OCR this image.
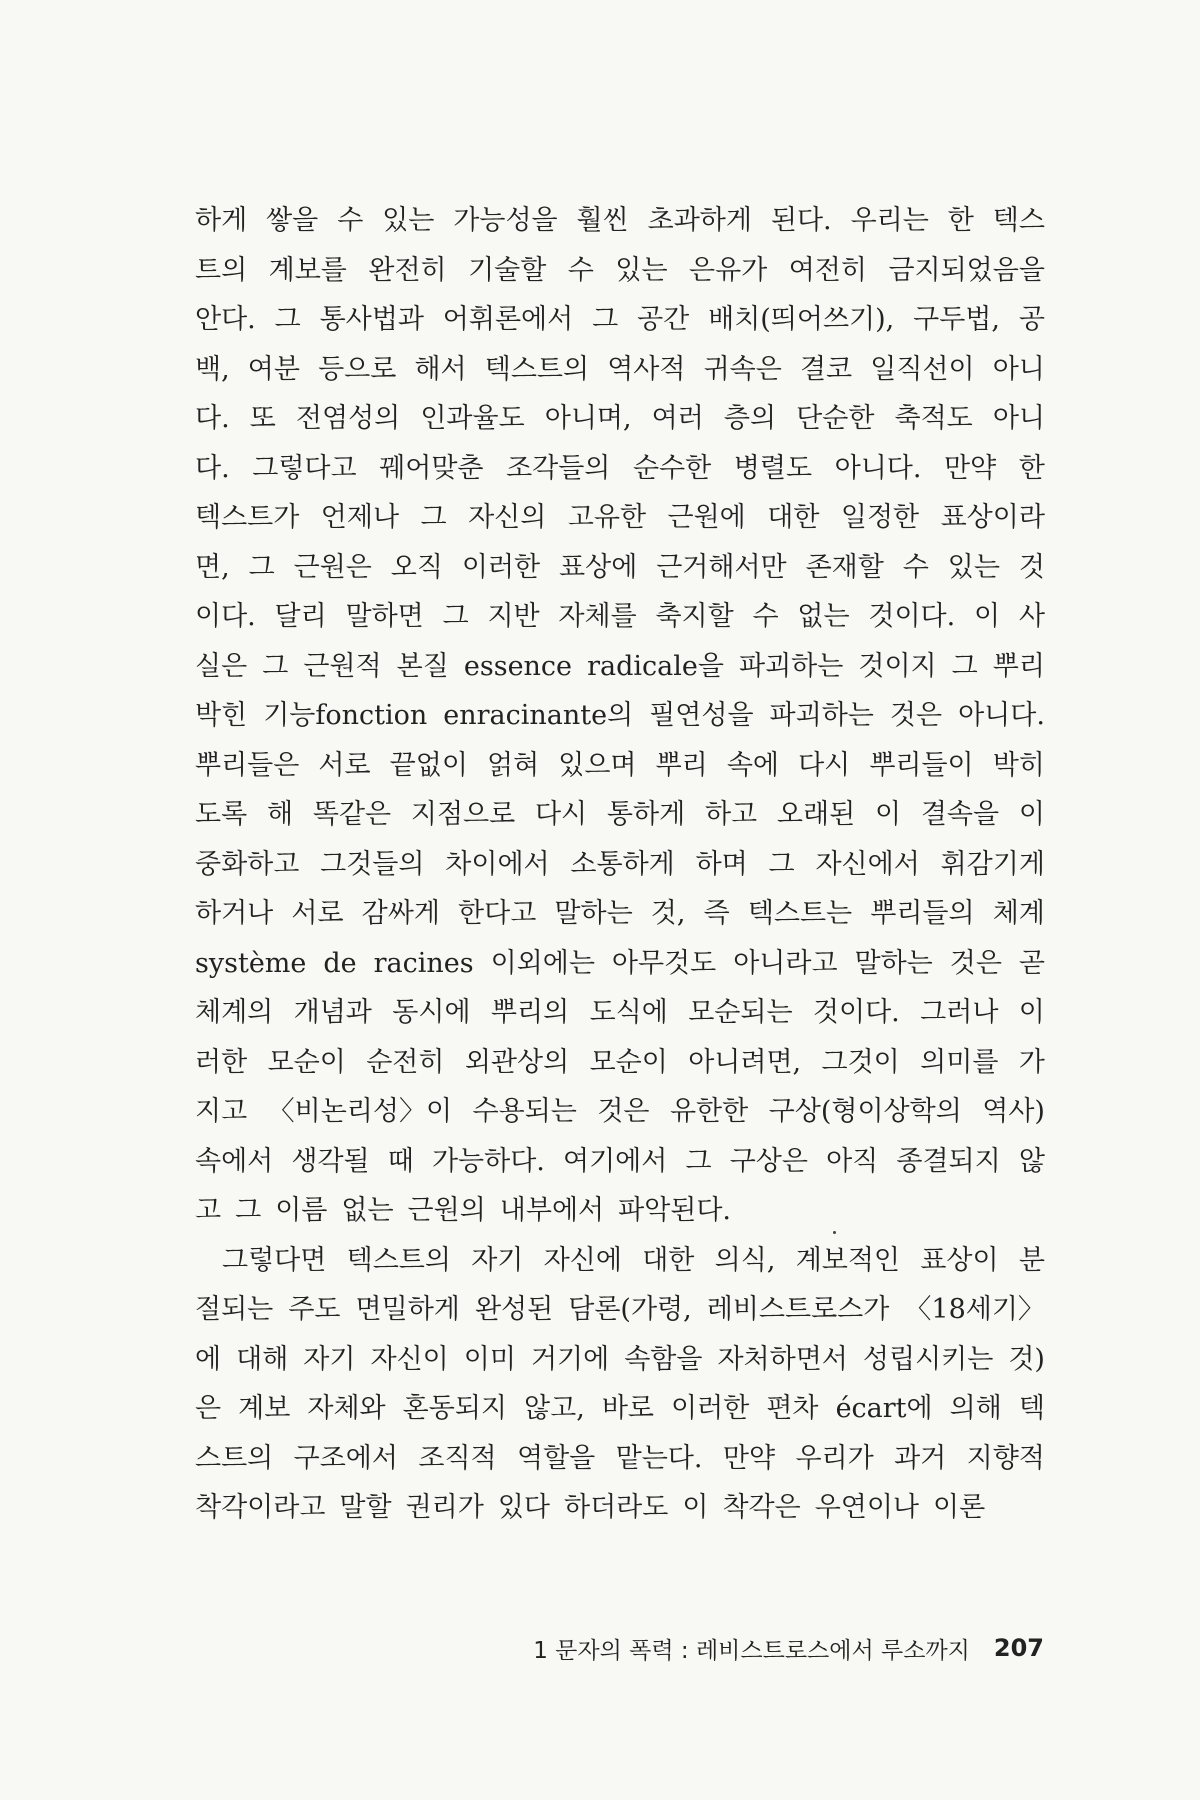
하게 쌓을 수 있는 가능성을 훨씬 초과하게 된다. 우리는 한 텍스
트의 계보를 완전히 기술할 수 있는 은유가 여전히 금지되었음을
안다. 그 통사법과 어휘론에서 그 공간 배치(띄어쓰기), 구두법, 공
백, 여분 등으로 해서 텍스트의 역사적 귀속은 결코 일직선이 아니
다. 또 전염성의 인과율도 아니며, 여러 층의 단순한 축적도 아니
다. 그렇다고 꿰어맞춘 조각들의 순수한 병렬도 아니다. 만약 한
텍스트가 언제나 그 자신의 고유한 근원에 대한 일정한 표상이라
면, 그 근원은 오직 이러한 표상에 근거해서만 존재할 수 있는 것
이다. 달리 말하면 그 지반 자체를 축지할 수 없는 것이다. 이 사
실은 그 근원적 본질 essence radicale을 파괴하는 것이지 그 뿌리
박힌 기능fonction enracinante의 필연성을 파괴하는 것은 아니다.
뿌리들은 서로 끝없이 얽혀 있으며 뿌리 속에 다시 뿌리들이 박히
도록 해 똑같은 지점으로 다시 통하게 하고 오래된 이 결속을 이
중화하고 그것들의 차이에서 소통하게 하며 그 자신에서 휘감기게
하거나 서로 감싸게 한다고 말하는 것, 즉 텍스트는 뿌리들의 체계
système de racines 이외에는 아무것도 아니라고 말하는 것은 곧
체계의 개념과 동시에 뿌리의 도식에 모순되는 것이다. 그러나 이
러한 모순이 순전히 외관상의 모순이 아니려면, 그것이 의미를 가
지고 〈비논리성〉이 수용되는 것은 유한한 구상(형이상학의 역사)
속에서 생각될 때 가능하다. 여기에서 그 구상은 아직 종결되지 않
고 그 이름 없는 근원의 내부에서 파악된다.
그렇다면 텍스트의 자기 자신에 대한 의식, 계보적인 표상이 분
절되는 주도 면밀하게 완성된 담론(가령, 레비스트로스가 〈18세기〉
에 대해 자기 자신이 이미 거기에 속함을 자처하면서 성립시키는 것)
은 계보 자체와 혼동되지 않고, 바로 이러한 편차 écart에 의해 텍
스트의 구조에서 조직적 역할을 맡는다. 만약 우리가 과거 지향적
착각이라고 말할 권리가 있다 하더라도 이 착각은 우연이나 이론
1 문자의 폭력 : 레비스트로스에서 루소까지 207
